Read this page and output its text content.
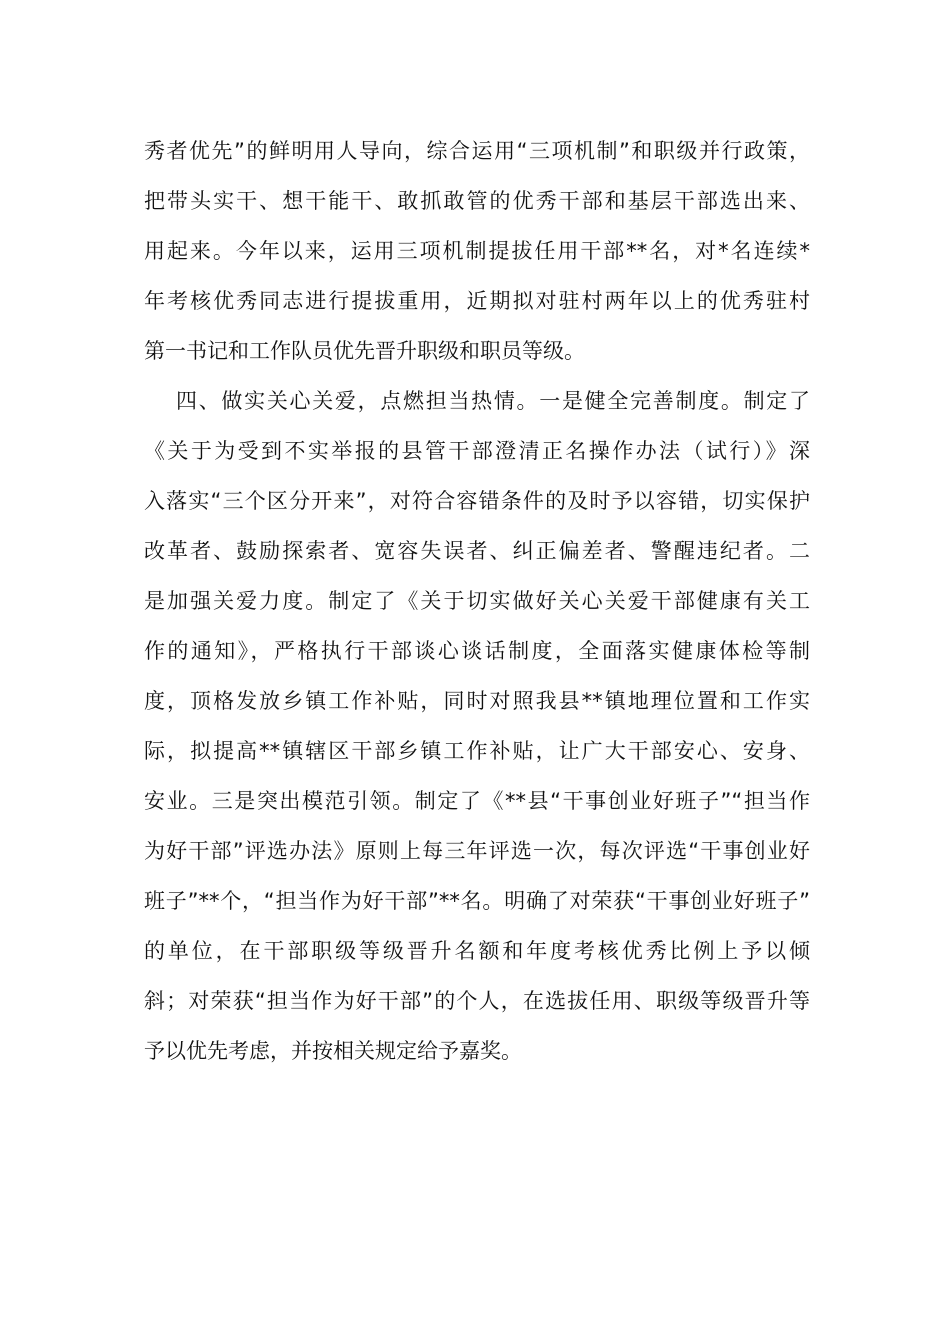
秀者优先”的鲜明用人导向，综合运用“三项机制”和职级并行政策，
把带头实干、想干能干、敢抓敢管的优秀干部和基层干部选出来、
用起来。今年以来，运用三项机制提拔任用干部**名，对*名连续*
年考核优秀同志进行提拔重用，近期拟对驻村两年以上的优秀驻村
第一书记和工作队员优先晋升职级和职员等级。
四、做实关心关爱，点燃担当热情。一是健全完善制度。制定了
《关于为受到不实举报的县管干部澄清正名操作办法（试行）》深
入落实“三个区分开来”，对符合容错条件的及时予以容错，切实保护
改革者、鼓励探索者、宽容失误者、纠正偏差者、警醒违纪者。二
是加强关爱力度。制定了《关于切实做好关心关爱干部健康有关工
作的通知》，严格执行干部谈心谈话制度，全面落实健康体检等制
度，顶格发放乡镇工作补贴，同时对照我县**镇地理位置和工作实
际，拟提高**镇辖区干部乡镇工作补贴，让广大干部安心、安身、
安业。三是突出模范引领。制定了《**县“干事创业好班子”“担当作
为好干部”评选办法》原则上每三年评选一次，每次评选“干事创业好
班子”**个，“担当作为好干部”**名。明确了对荣获“干事创业好班子”
的单位，在干部职级等级晋升名额和年度考核优秀比例上予以倾
斜；对荣获“担当作为好干部”的个人，在选拔任用、职级等级晋升等
予以优先考虑，并按相关规定给予嘉奖。
